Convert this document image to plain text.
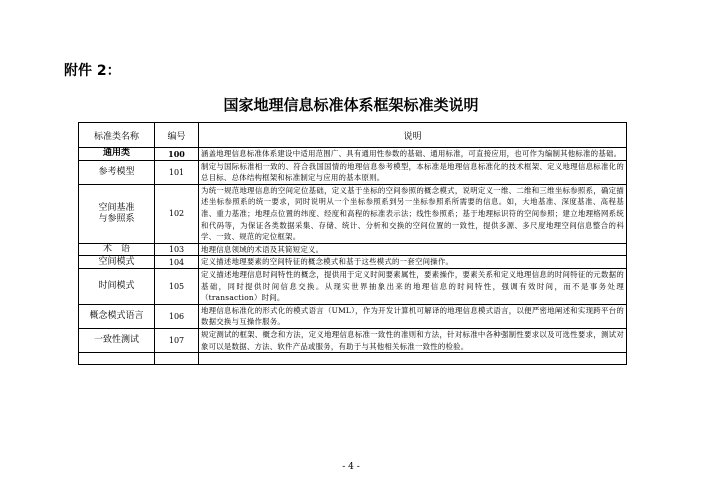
附件 2：
国家地理信息标准体系框架标准类说明
标准类名称	编号	说明

通用类	100	涵盖地理信息标准体系建设中适用范围广、具有通用性参数的基础、通用标准，可直接应用，也可作为编制其他标准的基础。

参考模型	101	制定与国际标准相一致的、符合我国国情的地理信息参考模型，本标准是地理信息标准化的技术框架、定义地理信息标准化的总目标、总体结构框架和标准制定与应用的基本原则。

空间基准
与参照系	102	为统一规范地理信息的空间定位基础，定义基于坐标的空间参照的概念模式，说明定义一维、二维和三维坐标参照系，确定描述坐标参照系的统一要求，同时说明从一个坐标参照系到另一坐标参照系所需要的信息。如，大地基准、深度基准、高程基准、重力基准；地理点位置的纬度、经度和高程的标准表示法；线性参照系；基于地理标识符的空间参照；建立地理格网系统和代码等，为保证各类数据采集、存储、统计、分析和交换的空间位置的一致性，提供多源、多尺度地理空间信息整合的科学、一致、规范的定位框架。

术　语	103	地理信息领域的术语及其简短定义。

空间模式	104	定义描述地理要素的空间特征的概念模式和基于这些模式的一套空间操作。

时间模式	105	定义描述地理信息时间特性的概念，提供用于定义时间要素属性，要素操作，要素关系和定义地理信息的时间特征的元数据的基础，同时提供时间信息交换。从现实世界抽象出来的地理信息的时间特性，强调有效时间，而不是事务处理（transaction）时间。

概念模式语言	106	地理信息标准化的形式化的模式语言（UML），作为开发计算机可解译的地理信息模式语言，以便严密地阐述和实现跨平台的数据交换与互操作服务。

一致性测试	107	规定测试的框架、概念和方法，定义地理信息标准一致性的准则和方法，针对标准中各种强制性要求以及可选性要求，测试对象可以是数据、方法、软件产品或服务，有助于与其他相关标准一致性的检验。

- 4 -
